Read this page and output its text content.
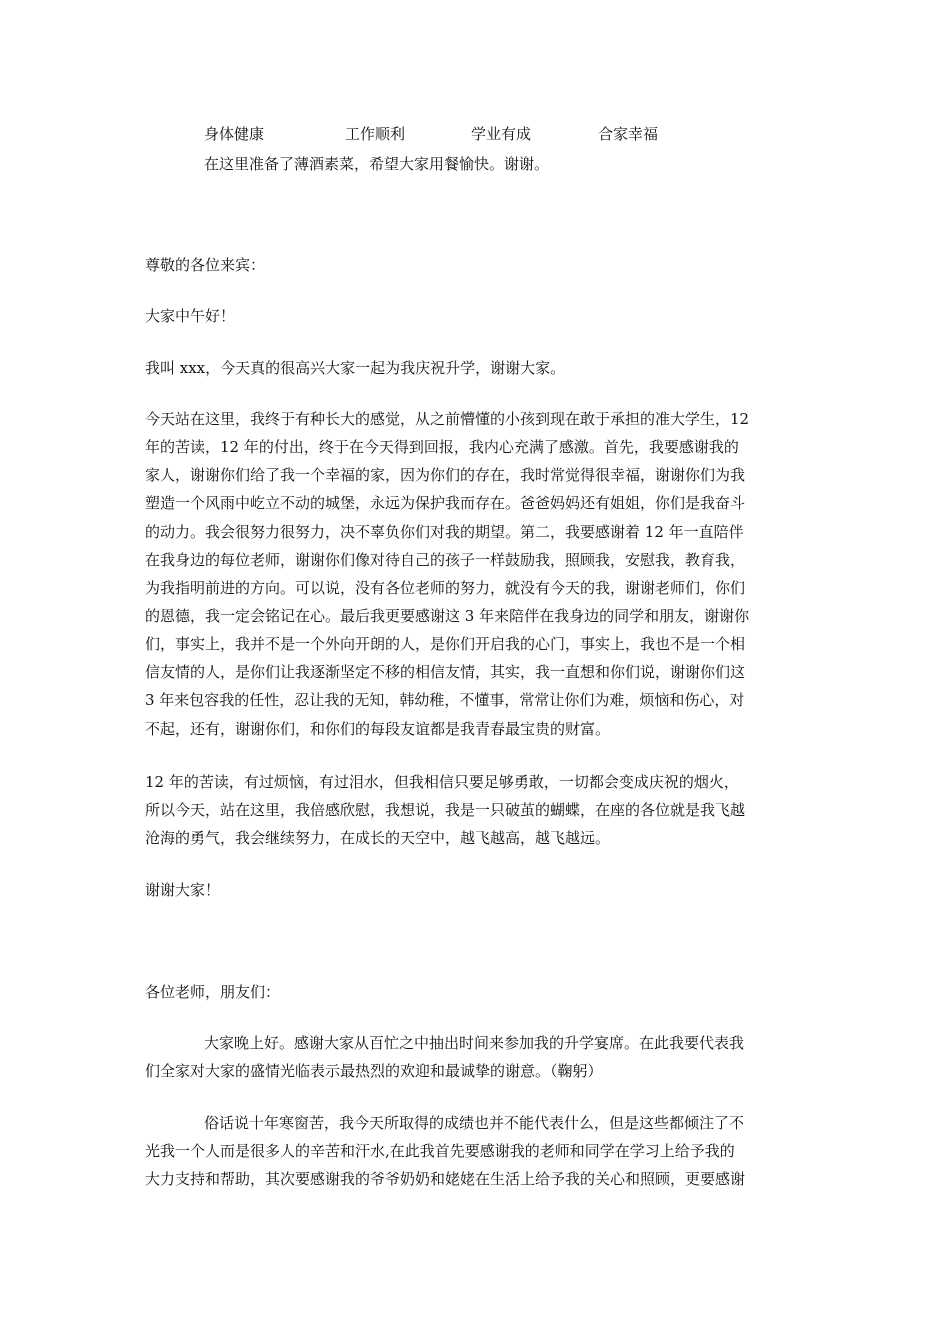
身体健康	工作顺利	学业有成	合家幸福
在这里准备了薄酒素菜，希望大家用餐愉快。谢谢。
尊敬的各位来宾：
大家中午好！
我叫 xxx，今天真的很高兴大家一起为我庆祝升学，谢谢大家。
今天站在这里，我终于有种长大的感觉，从之前懵懂的小孩到现在敢于承担的准大学生，12
年的苦读，12 年的付出，终于在今天得到回报，我内心充满了感激。首先，我要感谢我的
家人，谢谢你们给了我一个幸福的家，因为你们的存在，我时常觉得很幸福，谢谢你们为我
塑造一个风雨中屹立不动的城堡，永远为保护我而存在。爸爸妈妈还有姐姐，你们是我奋斗
的动力。我会很努力很努力，决不辜负你们对我的期望。第二，我要感谢着 12 年一直陪伴
在我身边的每位老师，谢谢你们像对待自己的孩子一样鼓励我，照顾我，安慰我，教育我，
为我指明前进的方向。可以说，没有各位老师的努力，就没有今天的我，谢谢老师们，你们
的恩德，我一定会铭记在心。最后我更要感谢这 3 年来陪伴在我身边的同学和朋友，谢谢你
们，事实上，我并不是一个外向开朗的人，是你们开启我的心门，事实上，我也不是一个相
信友情的人，是你们让我逐渐坚定不移的相信友情，其实，我一直想和你们说，谢谢你们这
3 年来包容我的任性，忍让我的无知，韩幼稚，不懂事，常常让你们为难，烦恼和伤心，对
不起，还有，谢谢你们，和你们的每段友谊都是我青春最宝贵的财富。
12 年的苦读，有过烦恼，有过泪水，但我相信只要足够勇敢，一切都会变成庆祝的烟火，
所以今天，站在这里，我倍感欣慰，我想说，我是一只破茧的蝴蝶，在座的各位就是我飞越
沧海的勇气，我会继续努力，在成长的天空中，越飞越高，越飞越远。
谢谢大家！
各位老师，朋友们：
大家晚上好。感谢大家从百忙之中抽出时间来参加我的升学宴席。在此我要代表我
们全家对大家的盛情光临表示最热烈的欢迎和最诚挚的谢意。（鞠躬）
俗话说十年寒窗苦，我今天所取得的成绩也并不能代表什么，但是这些都倾注了不
光我一个人而是很多人的辛苦和汗水,在此我首先要感谢我的老师和同学在学习上给予我的
大力支持和帮助，其次要感谢我的爷爷奶奶和姥姥在生活上给予我的关心和照顾，更要感谢
